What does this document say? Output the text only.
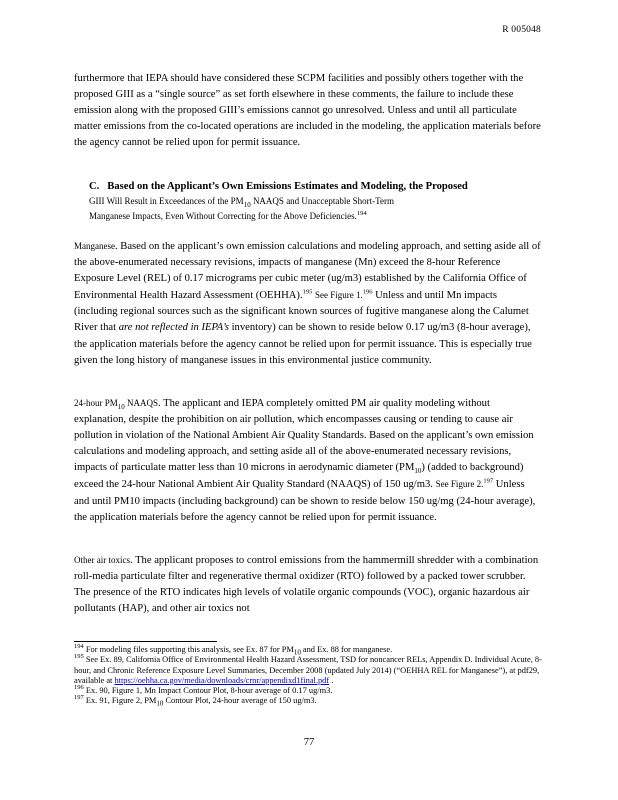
R 005048
furthermore that IEPA should have considered these SCPM facilities and possibly others together with the proposed GIII as a “single source” as set forth elsewhere in these comments, the failure to include these emission along with the proposed GIII’s emissions cannot go unresolved. Unless and until all particulate matter emissions from the co-located operations are included in the modeling, the application materials before the agency cannot be relied upon for permit issuance.
C. Based on the Applicant’s Own Emissions Estimates and Modeling, the Proposed
GIII Will Result in Exceedances of the $PM_{10}$ NAAQS and Unacceptable Short-Term
Manganese Impacts, Even Without Correcting for the Above Deficiencies.$^{194}$
Manganese. Based on the applicant’s own emission calculations and modeling approach, and setting aside all of the above-enumerated necessary revisions, impacts of manganese (Mn) exceed the 8-hour Reference Exposure Level (REL) of 0.17 micrograms per cubic meter (ug/m3) established by the California Office of Environmental Health Hazard Assessment (OEHHA).$^{195}$ See Figure 1.$^{196}$ Unless and until Mn impacts (including regional sources such as the significant known sources of fugitive manganese along the Calumet River that are not reflected in IEPA’s inventory) can be shown to reside below 0.17 ug/m3 (8-hour average), the application materials before the agency cannot be relied upon for permit issuance. This is especially true given the long history of manganese issues in this environmental justice community.
24-hour $PM_{10}$ NAAQS. The applicant and IEPA completely omitted PM air quality modeling without explanation, despite the prohibition on air pollution, which encompasses causing or tending to cause air pollution in violation of the National Ambient Air Quality Standards. Based on the applicant’s own emission calculations and modeling approach, and setting aside all of the above-enumerated necessary revisions, impacts of particulate matter less than 10 microns in aerodynamic diameter $(PM_{10})$ (added to background) exceed the 24-hour National Ambient Air Quality Standard (NAAQS) of 150 ug/m3. See Figure 2.$^{197}$ Unless and until PM10 impacts (including background) can be shown to reside below 150 ug/mg (24-hour average), the application materials before the agency cannot be relied upon for permit issuance.
Other air toxics. The applicant proposes to control emissions from the hammermill shredder with a combination roll-media particulate filter and regenerative thermal oxidizer (RTO) followed by a packed tower scrubber. The presence of the RTO indicates high levels of volatile organic compounds (VOC), organic hazardous air pollutants (HAP), and other air toxics not

$^{194}$ For modeling files supporting this analysis, see Ex. 87 for $PM_{10}$ and Ex. 88 for manganese.

$^{195}$ See Ex. 89, California Office of Environmental Health Hazard Assessment, TSD for noncancer RELs, Appendix D. Individual Acute, 8-hour, and Chronic Reference Exposure Level Summaries, December 2008 (updated July 2014) (“OEHHA REL for Manganese”), at pdf29, available at https://oehha.ca.gov/media/downloads/crnr/appendixd1final.pdf .

$^{196}$ Ex. 90, Figure 1, Mn Impact Contour Plot, 8-hour average of 0.17 ug/m3.

$^{197}$ Ex. 91, Figure 2, $PM_{10}$ Contour Plot, 24-hour average of 150 ug/m3.

77
